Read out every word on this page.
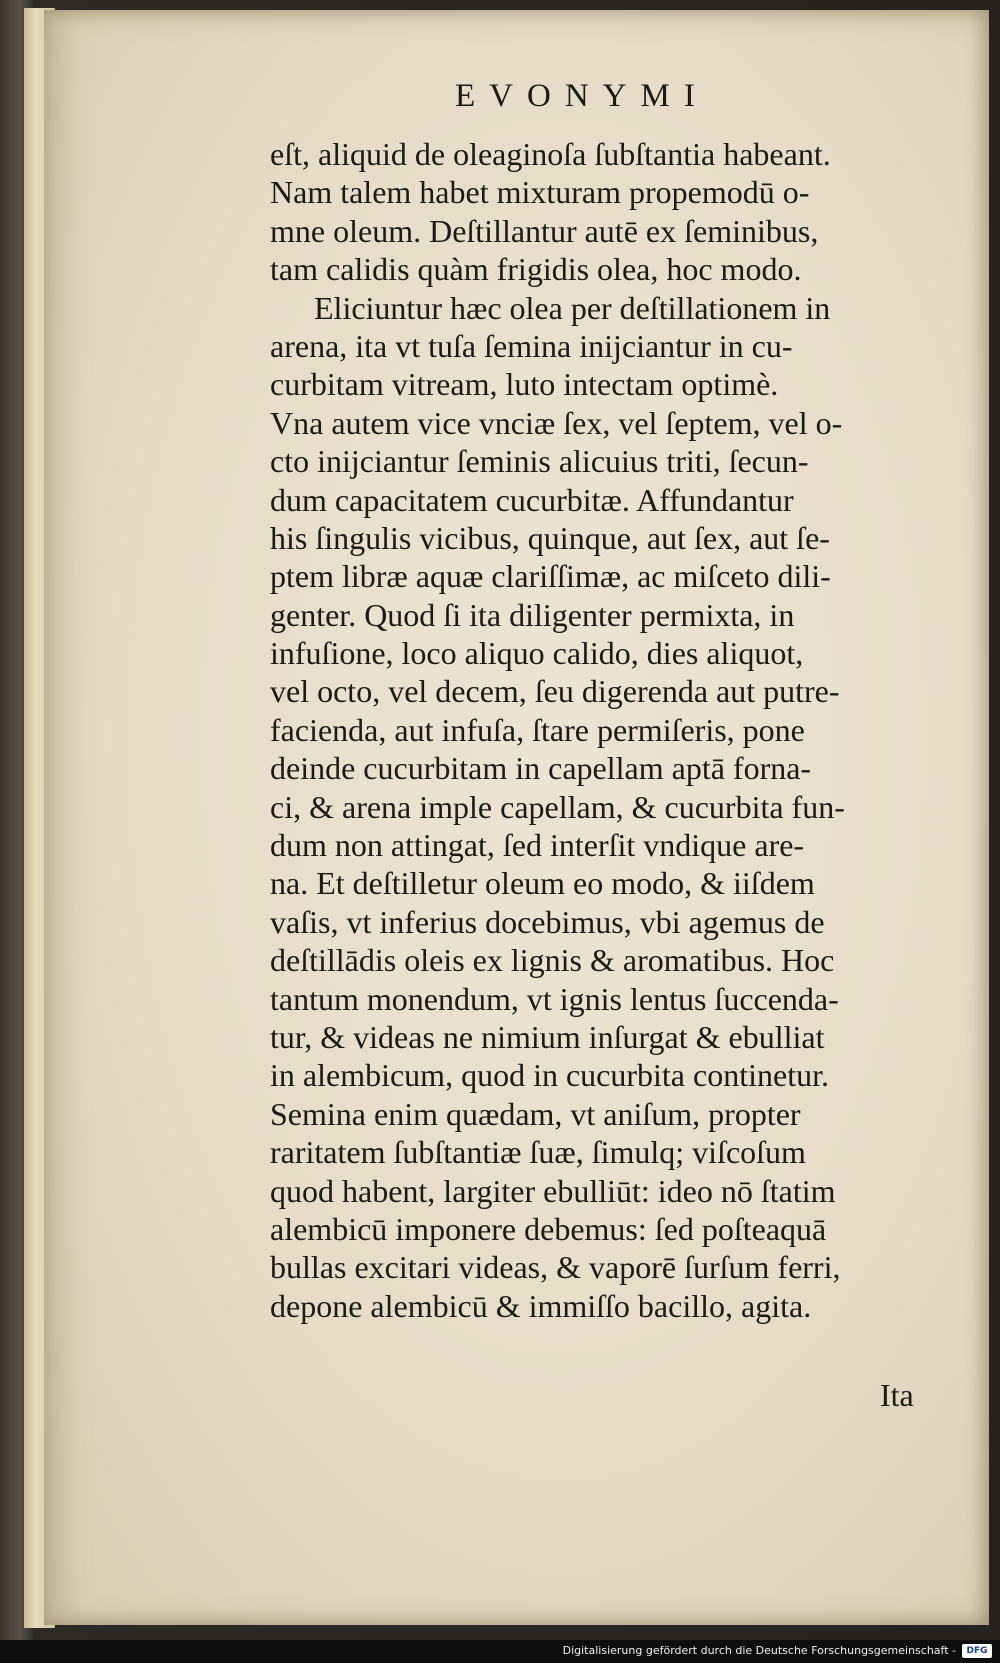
EVONYMI
eſt, aliquid de oleaginoſa ſubſtantia habeant.
Nam talem habet mixturam propemodū o-
mne oleum. Deſtillantur autē ex ſeminibus,
tam calidis quàm frigidis olea, hoc modo.
Eliciuntur hæc olea per deſtillationem in
arena, ita vt tuſa ſemina inijciantur in cu-
curbitam vitream, luto intectam optimè.
Vna autem vice vnciæ ſex, vel ſeptem, vel o-
cto inijciantur ſeminis alicuius triti, ſecun-
dum capacitatem cucurbitæ. Affundantur
his ſingulis vicibus, quinque, aut ſex, aut ſe-
ptem libræ aquæ clariſſimæ, ac miſceto dili-
genter. Quod ſi ita diligenter permixta, in
infuſione, loco aliquo calido, dies aliquot,
vel octo, vel decem, ſeu digerenda aut putre-
facienda, aut infuſa, ſtare permiſeris, pone
deinde cucurbitam in capellam aptā forna-
ci, & arena imple capellam, & cucurbita fun-
dum non attingat, ſed interſit vndique are-
na. Et deſtilletur oleum eo modo, & iiſdem
vaſis, vt inferius docebimus, vbi agemus de
deſtillādis oleis ex lignis & aromatibus. Hoc
tantum monendum, vt ignis lentus ſuccenda-
tur, & videas ne nimium inſurgat & ebulliat
in alembicum, quod in cucurbita continetur.
Semina enim quædam, vt aniſum, propter
raritatem ſubſtantiæ ſuæ, ſimulq; viſcoſum
quod habent, largiter ebulliūt: ideo nō ſtatim
alembicū imponere debemus: ſed poſteaquā
bullas excitari videas, & vaporē ſurſum ferri,
depone alembicū & immiſſo bacillo, agita.
Ita
Digitalisierung gefördert durch die Deutsche Forschungsgemeinschaft -	DFG
